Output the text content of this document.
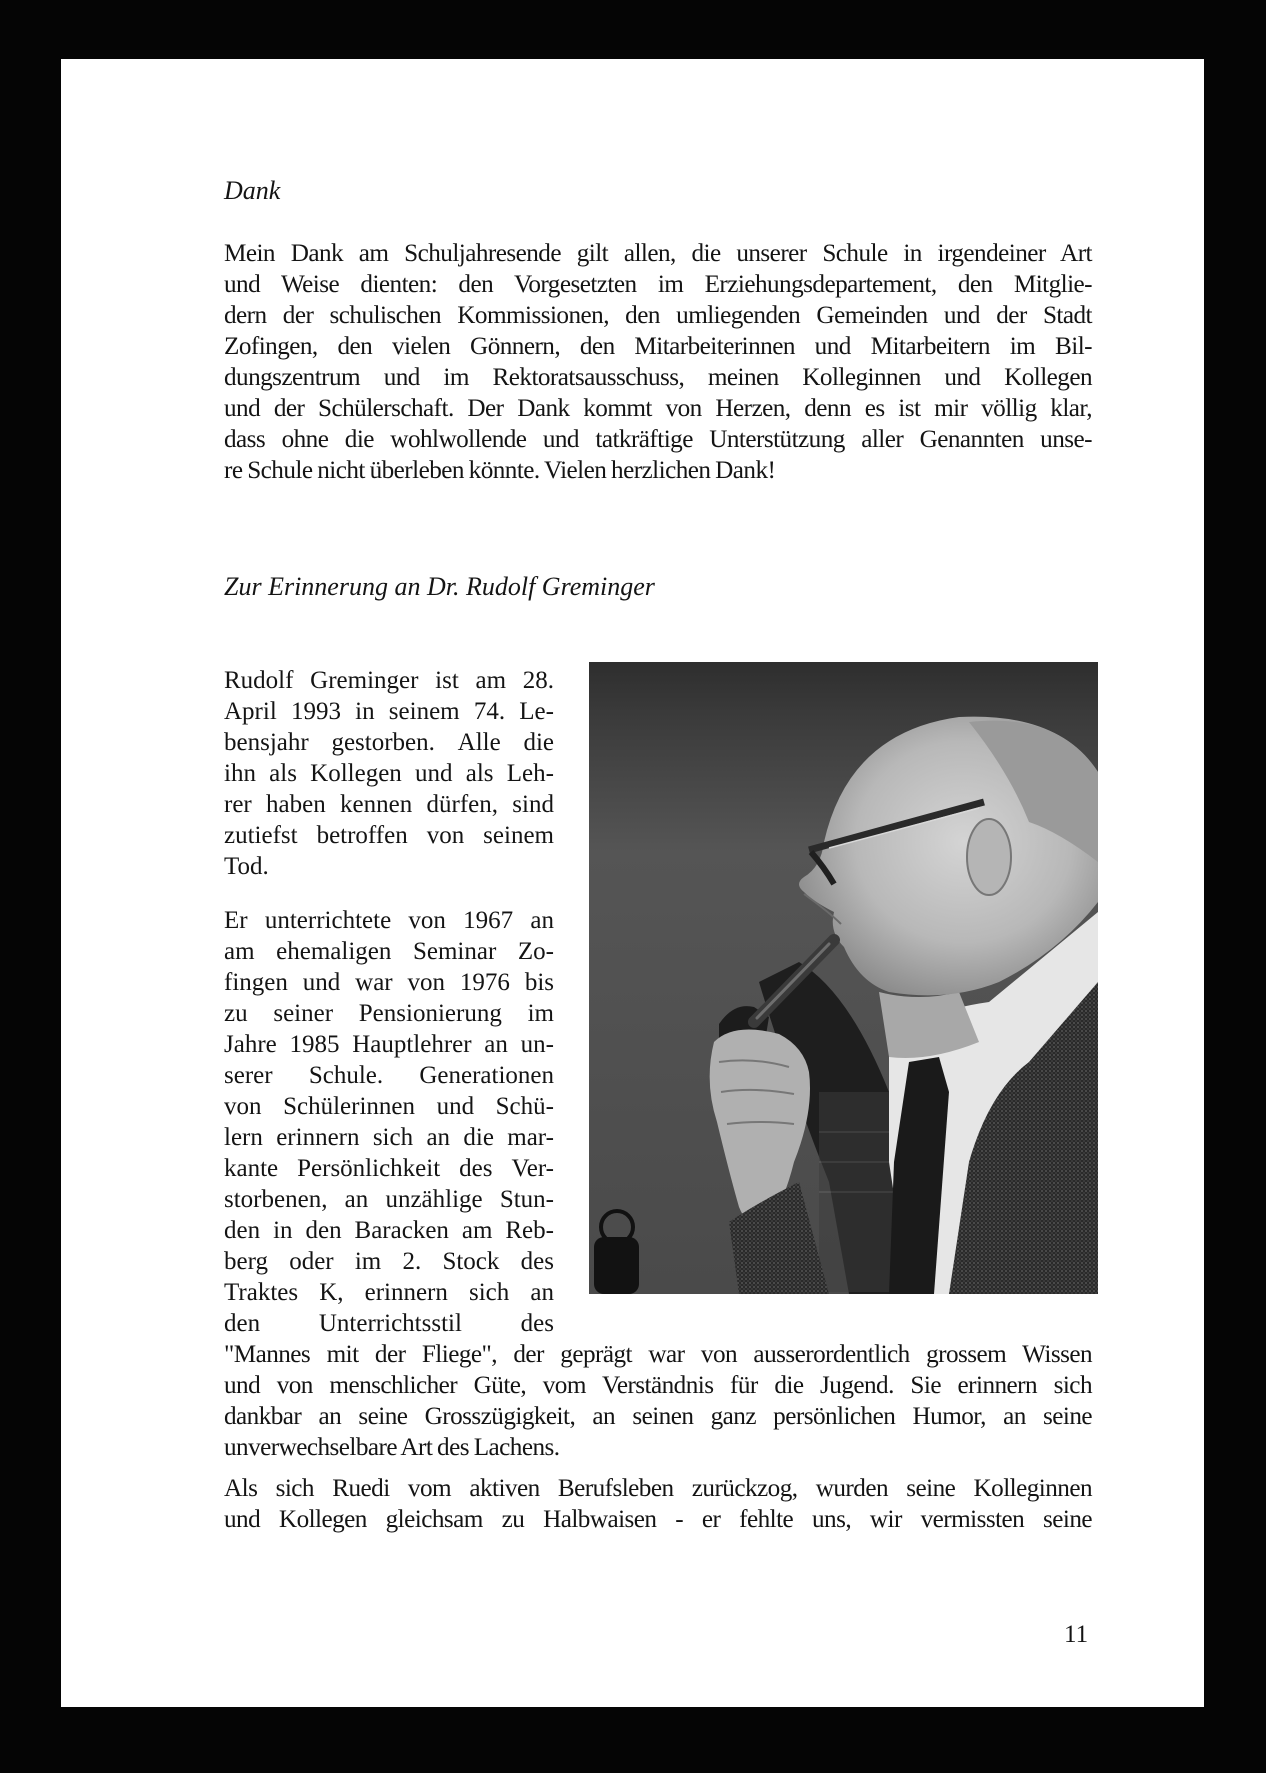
Dank
Mein Dank am Schuljahresende gilt allen, die unserer Schule in irgendeiner Art
und Weise dienten: den Vorgesetzten im Erziehungsdepartement, den Mitglie-
dern der schulischen Kommissionen, den umliegenden Gemeinden und der Stadt
Zofingen, den vielen Gönnern, den Mitarbeiterinnen und Mitarbeitern im Bil-
dungszentrum und im Rektoratsausschuss, meinen Kolleginnen und Kollegen
und der Schülerschaft. Der Dank kommt von Herzen, denn es ist mir völlig klar,
dass ohne die wohlwollende und tatkräftige Unterstützung aller Genannten unse-
re Schule nicht überleben könnte. Vielen herzlichen Dank!
Zur Erinnerung an Dr. Rudolf Greminger
Rudolf Greminger ist am 28.
April 1993 in seinem 74. Le-
bensjahr gestorben. Alle die
ihn als Kollegen und als Leh-
rer haben kennen dürfen, sind
zutiefst betroffen von seinem
Tod.
Er unterrichtete von 1967 an
am ehemaligen Seminar Zo-
fingen und war von 1976 bis
zu seiner Pensionierung im
Jahre 1985 Hauptlehrer an un-
serer Schule. Generationen
von Schülerinnen und Schü-
lern erinnern sich an die mar-
kante Persönlichkeit des Ver-
storbenen, an unzählige Stun-
den in den Baracken am Reb-
berg oder im 2. Stock des
Traktes K, erinnern sich an
den Unterrichtsstil des
"Mannes mit der Fliege", der geprägt war von ausserordentlich grossem Wissen
und von menschlicher Güte, vom Verständnis für die Jugend. Sie erinnern sich
dankbar an seine Grosszügigkeit, an seinen ganz persönlichen Humor, an seine
unverwechselbare Art des Lachens.
Als sich Ruedi vom aktiven Berufsleben zurückzog, wurden seine Kolleginnen
und Kollegen gleichsam zu Halbwaisen - er fehlte uns, wir vermissten seine

11
